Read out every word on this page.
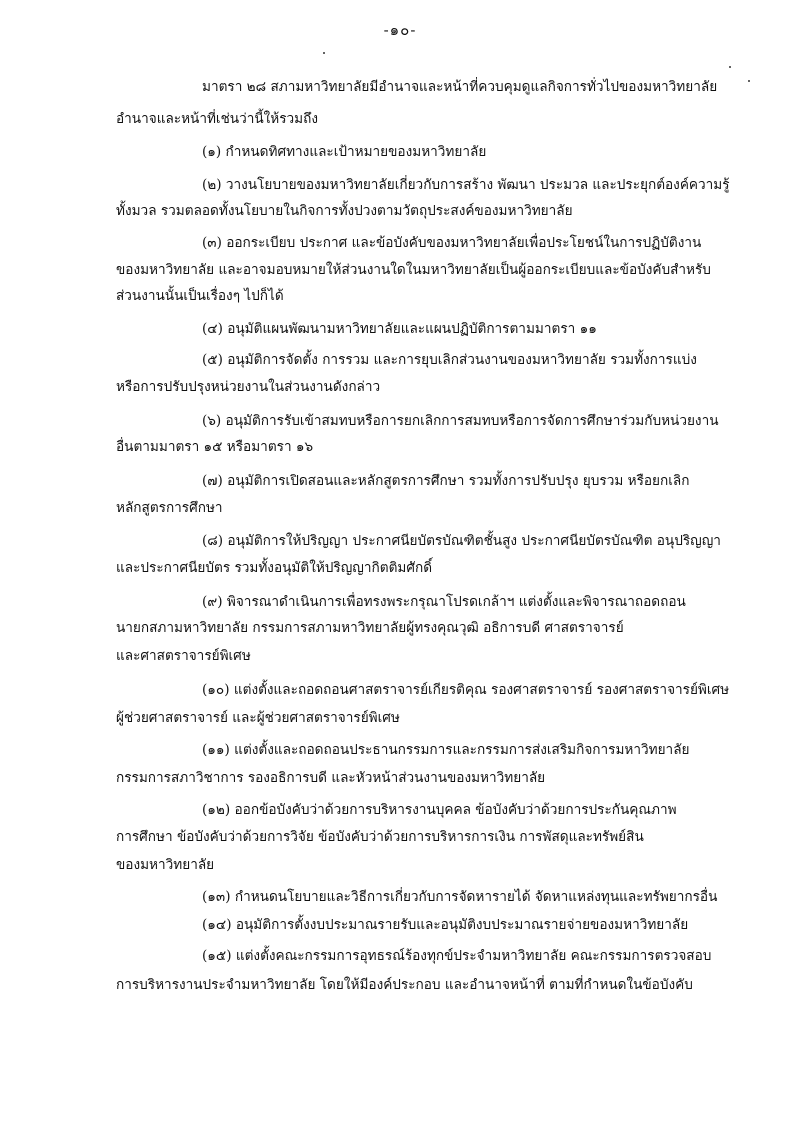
-๑๐-
มาตรา ๒๘ สภามหาวิทยาลัยมีอำนาจและหน้าที่ควบคุมดูแลกิจการทั่วไปของมหาวิทยาลัย
อำนาจและหน้าที่เช่นว่านี้ให้รวมถึง
(๑) กำหนดทิศทางและเป้าหมายของมหาวิทยาลัย
(๒) วางนโยบายของมหาวิทยาลัยเกี่ยวกับการสร้าง พัฒนา ประมวล และประยุกต์องค์ความรู้
ทั้งมวล รวมตลอดทั้งนโยบายในกิจการทั้งปวงตามวัตถุประสงค์ของมหาวิทยาลัย
(๓) ออกระเบียบ ประกาศ และข้อบังคับของมหาวิทยาลัยเพื่อประโยชน์ในการปฏิบัติงาน
ของมหาวิทยาลัย และอาจมอบหมายให้ส่วนงานใดในมหาวิทยาลัยเป็นผู้ออกระเบียบและข้อบังคับสำหรับ
ส่วนงานนั้นเป็นเรื่องๆ ไปก็ได้
(๔) อนุมัติแผนพัฒนามหาวิทยาลัยและแผนปฏิบัติการตามมาตรา ๑๑
(๕) อนุมัติการจัดตั้ง การรวม และการยุบเลิกส่วนงานของมหาวิทยาลัย รวมทั้งการแบ่ง
หรือการปรับปรุงหน่วยงานในส่วนงานดังกล่าว
(๖) อนุมัติการรับเข้าสมทบหรือการยกเลิกการสมทบหรือการจัดการศึกษาร่วมกับหน่วยงาน
อื่นตามมาตรา ๑๕ หรือมาตรา ๑๖
(๗) อนุมัติการเปิดสอนและหลักสูตรการศึกษา รวมทั้งการปรับปรุง ยุบรวม หรือยกเลิก
หลักสูตรการศึกษา
(๘) อนุมัติการให้ปริญญา ประกาศนียบัตรบัณฑิตชั้นสูง ประกาศนียบัตรบัณฑิต อนุปริญญา
และประกาศนียบัตร รวมทั้งอนุมัติให้ปริญญากิตติมศักดิ์
(๙) พิจารณาดำเนินการเพื่อทรงพระกรุณาโปรดเกล้าฯ แต่งตั้งและพิจารณาถอดถอน
นายกสภามหาวิทยาลัย กรรมการสภามหาวิทยาลัยผู้ทรงคุณวุฒิ อธิการบดี ศาสตราจารย์
และศาสตราจารย์พิเศษ
(๑๐) แต่งตั้งและถอดถอนศาสตราจารย์เกียรติคุณ รองศาสตราจารย์ รองศาสตราจารย์พิเศษ
ผู้ช่วยศาสตราจารย์ และผู้ช่วยศาสตราจารย์พิเศษ
(๑๑) แต่งตั้งและถอดถอนประธานกรรมการและกรรมการส่งเสริมกิจการมหาวิทยาลัย
กรรมการสภาวิชาการ รองอธิการบดี และหัวหน้าส่วนงานของมหาวิทยาลัย
(๑๒) ออกข้อบังคับว่าด้วยการบริหารงานบุคคล ข้อบังคับว่าด้วยการประกันคุณภาพ
การศึกษา ข้อบังคับว่าด้วยการวิจัย ข้อบังคับว่าด้วยการบริหารการเงิน การพัสดุและทรัพย์สิน
ของมหาวิทยาลัย
(๑๓) กำหนดนโยบายและวิธีการเกี่ยวกับการจัดหารายได้ จัดหาแหล่งทุนและทรัพยากรอื่น
(๑๔) อนุมัติการตั้งงบประมาณรายรับและอนุมัติงบประมาณรายจ่ายของมหาวิทยาลัย
(๑๕) แต่งตั้งคณะกรรมการอุทธรณ์ร้องทุกข์ประจำมหาวิทยาลัย คณะกรรมการตรวจสอบ
การบริหารงานประจำมหาวิทยาลัย โดยให้มีองค์ประกอบ และอำนาจหน้าที่ ตามที่กำหนดในข้อบังคับ
